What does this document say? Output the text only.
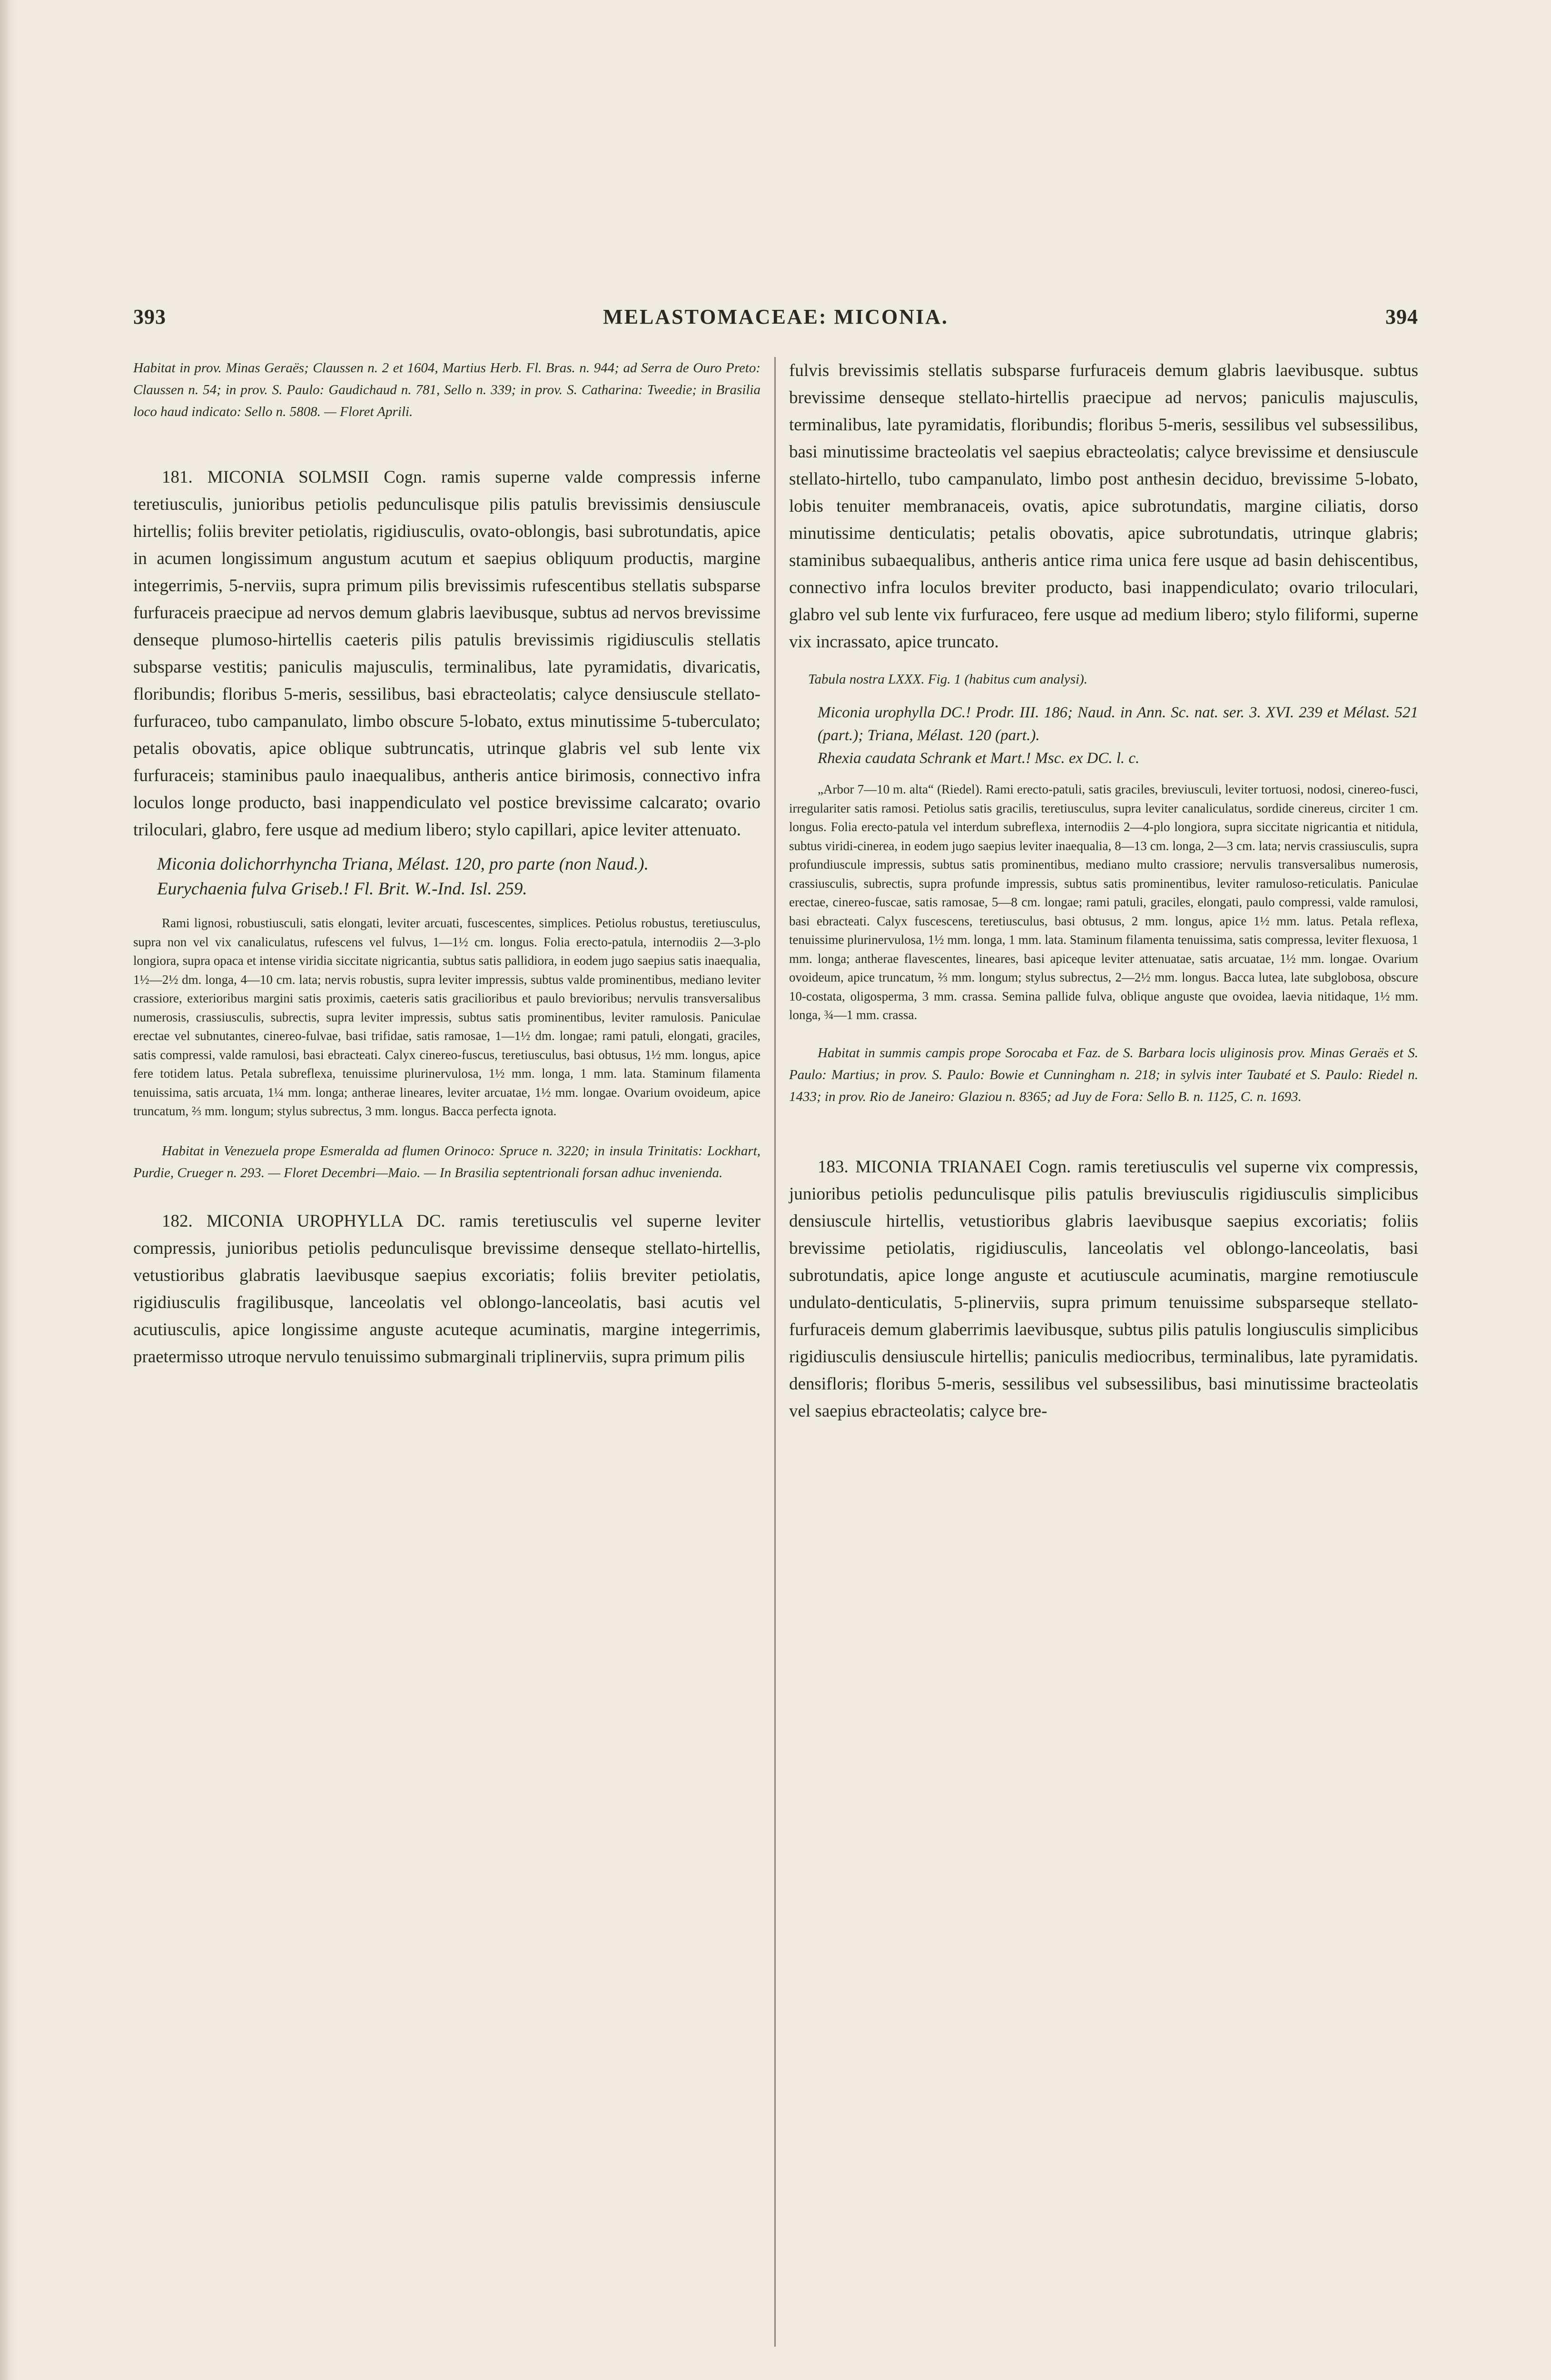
393	MELASTOMACEAE: MICONIA.	394

Habitat in prov. Minas Geraës; Claussen n. 2 et 1604, Martius Herb. Fl. Bras. n. 944; ad Serra de Ouro Preto: Claussen n. 54; in prov. S. Paulo: Gaudichaud n. 781, Sello n. 339; in prov. S. Catharina: Tweedie; in Brasilia loco haud indicato: Sello n. 5808. — Floret Aprili.

181. MICONIA SOLMSII Cogn. ramis superne valde compressis inferne teretiusculis, junioribus petiolis pedunculisque pilis patulis brevissimis densiuscule hirtellis; foliis breviter petiolatis, rigidiusculis, ovato-oblongis, basi subrotundatis, apice in acumen longissimum angustum acutum et saepius obliquum productis, margine integerrimis, 5-nerviis, supra primum pilis brevissimis rufescentibus stellatis subsparse furfuraceis praecipue ad nervos demum glabris laevibusque, subtus ad nervos brevissime denseque plumoso-hirtellis caeteris pilis patulis brevissimis rigidiusculis stellatis subsparse vestitis; paniculis majusculis, terminalibus, late pyramidatis, divaricatis, floribundis; floribus 5-meris, sessilibus, basi ebracteolatis; calyce densiuscule stellato-furfuraceo, tubo campanulato, limbo obscure 5-lobato, extus minutissime 5-tuberculato; petalis obovatis, apice oblique subtruncatis, utrinque glabris vel sub lente vix furfuraceis; staminibus paulo inaequalibus, antheris antice birimosis, connectivo infra loculos longe producto, basi inappendiculato vel postice brevissime calcarato; ovario triloculari, glabro, fere usque ad medium libero; stylo capillari, apice leviter attenuato.

Miconia dolichorrhyncha Triana, Mélast. 120, pro parte (non Naud.).

Eurychaenia fulva Griseb.! Fl. Brit. W.-Ind. Isl. 259.

Rami lignosi, robustiusculi, satis elongati, leviter arcuati, fuscescentes, simplices. Petiolus robustus, teretiusculus, supra non vel vix canaliculatus, rufescens vel fulvus, 1—1½ cm. longus. Folia erecto-patula, internodiis 2—3-plo longiora, supra opaca et intense viridia siccitate nigricantia, subtus satis pallidiora, in eodem jugo saepius satis inaequalia, 1½—2½ dm. longa, 4—10 cm. lata; nervis robustis, supra leviter impressis, subtus valde prominentibus, mediano leviter crassiore, exterioribus margini satis proximis, caeteris satis gracilioribus et paulo brevioribus; nervulis transversalibus numerosis, crassiusculis, subrectis, supra leviter impressis, subtus satis prominentibus, leviter ramulosis. Paniculae erectae vel subnutantes, cinereo-fulvae, basi trifidae, satis ramosae, 1—1½ dm. longae; rami patuli, elongati, graciles, satis compressi, valde ramulosi, basi ebracteati. Calyx cinereo-fuscus, teretiusculus, basi obtusus, 1½ mm. longus, apice fere totidem latus. Petala subreflexa, tenuissime plurinervulosa, 1½ mm. longa, 1 mm. lata. Staminum filamenta tenuissima, satis arcuata, 1¼ mm. longa; antherae lineares, leviter arcuatae, 1½ mm. longae. Ovarium ovoideum, apice truncatum, ⅔ mm. longum; stylus subrectus, 3 mm. longus. Bacca perfecta ignota.

Habitat in Venezuela prope Esmeralda ad flumen Orinoco: Spruce n. 3220; in insula Trinitatis: Lockhart, Purdie, Crueger n. 293. — Floret Decembri—Maio. — In Brasilia septentrionali forsan adhuc invenienda.

182. MICONIA UROPHYLLA DC. ramis teretiusculis vel superne leviter compressis, junioribus petiolis pedunculisque brevissime denseque stellato-hirtellis, vetustioribus glabratis laevibusque saepius excoriatis; foliis breviter petiolatis, rigidiusculis fragilibusque, lanceolatis vel oblongo-lanceolatis, basi acutis vel acutiusculis, apice longissime anguste acuteque acuminatis, margine integerrimis, praetermisso utroque nervulo tenuissimo submarginali triplinerviis, supra primum pilis

fulvis brevissimis stellatis subsparse furfuraceis demum glabris laevibusque. subtus brevissime denseque stellato-hirtellis praecipue ad nervos; paniculis majusculis, terminalibus, late pyramidatis, floribundis; floribus 5-meris, sessilibus vel subsessilibus, basi minutissime bracteolatis vel saepius ebracteolatis; calyce brevissime et densiuscule stellato-hirtello, tubo campanulato, limbo post anthesin deciduo, brevissime 5-lobato, lobis tenuiter membranaceis, ovatis, apice subrotundatis, margine ciliatis, dorso minutissime denticulatis; petalis obovatis, apice subrotundatis, utrinque glabris; staminibus subaequalibus, antheris antice rima unica fere usque ad basin dehiscentibus, connectivo infra loculos breviter producto, basi inappendiculato; ovario triloculari, glabro vel sub lente vix furfuraceo, fere usque ad medium libero; stylo filiformi, superne vix incrassato, apice truncato.

Tabula nostra LXXX. Fig. 1 (habitus cum analysi).

Miconia urophylla DC.! Prodr. III. 186; Naud. in Ann. Sc. nat. ser. 3. XVI. 239 et Mélast. 521 (part.); Triana, Mélast. 120 (part.).

Rhexia caudata Schrank et Mart.! Msc. ex DC. l. c.

„Arbor 7—10 m. alta“ (Riedel). Rami erecto-patuli, satis graciles, breviusculi, leviter tortuosi, nodosi, cinereo-fusci, irregulariter satis ramosi. Petiolus satis gracilis, teretiusculus, supra leviter canaliculatus, sordide cinereus, circiter 1 cm. longus. Folia erecto-patula vel interdum subreflexa, internodiis 2—4-plo longiora, supra siccitate nigricantia et nitidula, subtus viridi-cinerea, in eodem jugo saepius leviter inaequalia, 8—13 cm. longa, 2—3 cm. lata; nervis crassiusculis, supra profundiuscule impressis, subtus satis prominentibus, mediano multo crassiore; nervulis transversalibus numerosis, crassiusculis, subrectis, supra profunde impressis, subtus satis prominentibus, leviter ramuloso-reticulatis. Paniculae erectae, cinereo-fuscae, satis ramosae, 5—8 cm. longae; rami patuli, graciles, elongati, paulo compressi, valde ramulosi, basi ebracteati. Calyx fuscescens, teretiusculus, basi obtusus, 2 mm. longus, apice 1½ mm. latus. Petala reflexa, tenuissime plurinervulosa, 1½ mm. longa, 1 mm. lata. Staminum filamenta tenuissima, satis compressa, leviter flexuosa, 1 mm. longa; antherae flavescentes, lineares, basi apiceque leviter attenuatae, satis arcuatae, 1½ mm. longae. Ovarium ovoideum, apice truncatum, ⅔ mm. longum; stylus subrectus, 2—2½ mm. longus. Bacca lutea, late subglobosa, obscure 10-costata, oligosperma, 3 mm. crassa. Semina pallide fulva, oblique anguste que ovoidea, laevia nitidaque, 1½ mm. longa, ¾—1 mm. crassa.

Habitat in summis campis prope Sorocaba et Faz. de S. Barbara locis uliginosis prov. Minas Geraës et S. Paulo: Martius; in prov. S. Paulo: Bowie et Cunningham n. 218; in sylvis inter Taubaté et S. Paulo: Riedel n. 1433; in prov. Rio de Janeiro: Glaziou n. 8365; ad Juy de Fora: Sello B. n. 1125, C. n. 1693.

183. MICONIA TRIANAEI Cogn. ramis teretiusculis vel superne vix compressis, junioribus petiolis pedunculisque pilis patulis breviusculis rigidiusculis simplicibus densiuscule hirtellis, vetustioribus glabris laevibusque saepius excoriatis; foliis brevissime petiolatis, rigidiusculis, lanceolatis vel oblongo-lanceolatis, basi subrotundatis, apice longe anguste et acutiuscule acuminatis, margine remotiuscule undulato-denticulatis, 5-plinerviis, supra primum tenuissime subsparseque stellato-furfuraceis demum glaberrimis laevibusque, subtus pilis patulis longiusculis simplicibus rigidiusculis densiuscule hirtellis; paniculis mediocribus, terminalibus, late pyramidatis. densifloris; floribus 5-meris, sessilibus vel subsessilibus, basi minutissime bracteolatis vel saepius ebracteolatis; calyce bre-
